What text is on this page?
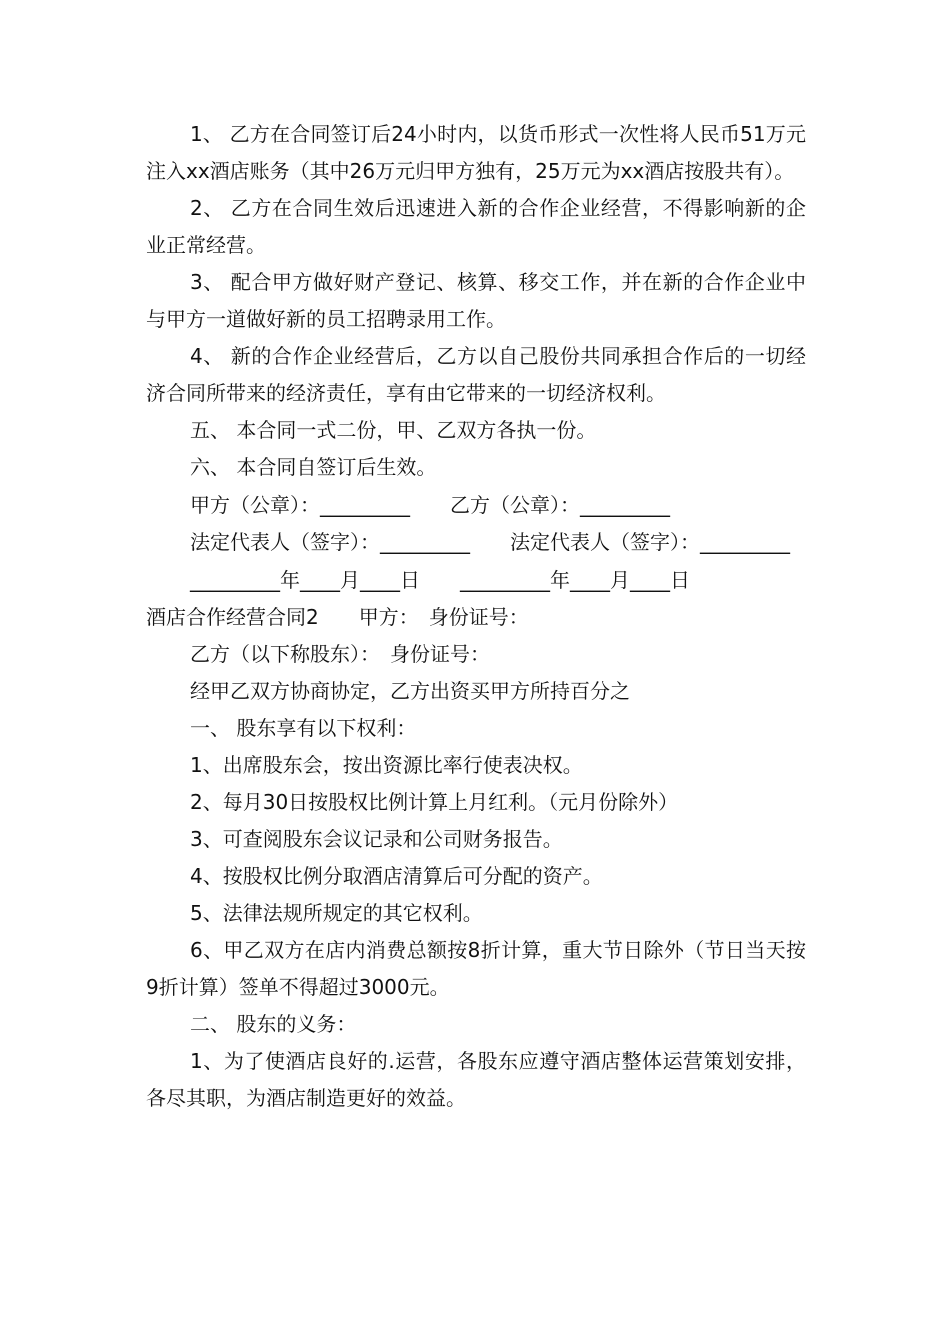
1、 乙方在合同签订后24小时内，以货币形式一次性将人民币51万元注入xx酒店账务（其中26万元归甲方独有，25万元为xx酒店按股共有）。

2、 乙方在合同生效后迅速进入新的合作企业经营，不得影响新的企业正常经营。

3、 配合甲方做好财产登记、核算、移交工作，并在新的合作企业中与甲方一道做好新的员工招聘录用工作。

4、 新的合作企业经营后，乙方以自己股份共同承担合作后的一切经济合同所带来的经济责任，享有由它带来的一切经济权利。

五、 本合同一式二份，甲、乙双方各执一份。

六、 本合同自签订后生效。

甲方（公章）：_________　　乙方（公章）：_________

法定代表人（签字）：_________　　法定代表人（签字）：_________

_________年____月____日　　_________年____月____日

酒店合作经营合同2　　甲方：　身份证号：

乙方（以下称股东）：　身份证号：

经甲乙双方协商协定，乙方出资买甲方所持百分之

一、 股东享有以下权利：

1、出席股东会，按出资源比率行使表决权。

2、每月30日按股权比例计算上月红利。（元月份除外）

3、可查阅股东会议记录和公司财务报告。

4、按股权比例分取酒店清算后可分配的资产。

5、法律法规所规定的其它权利。

6、甲乙双方在店内消费总额按8折计算，重大节日除外（节日当天按9折计算）签单不得超过3000元。

二、 股东的义务：

1、为了使酒店良好的.运营，各股东应遵守酒店整体运营策划安排，各尽其职，为酒店制造更好的效益。
